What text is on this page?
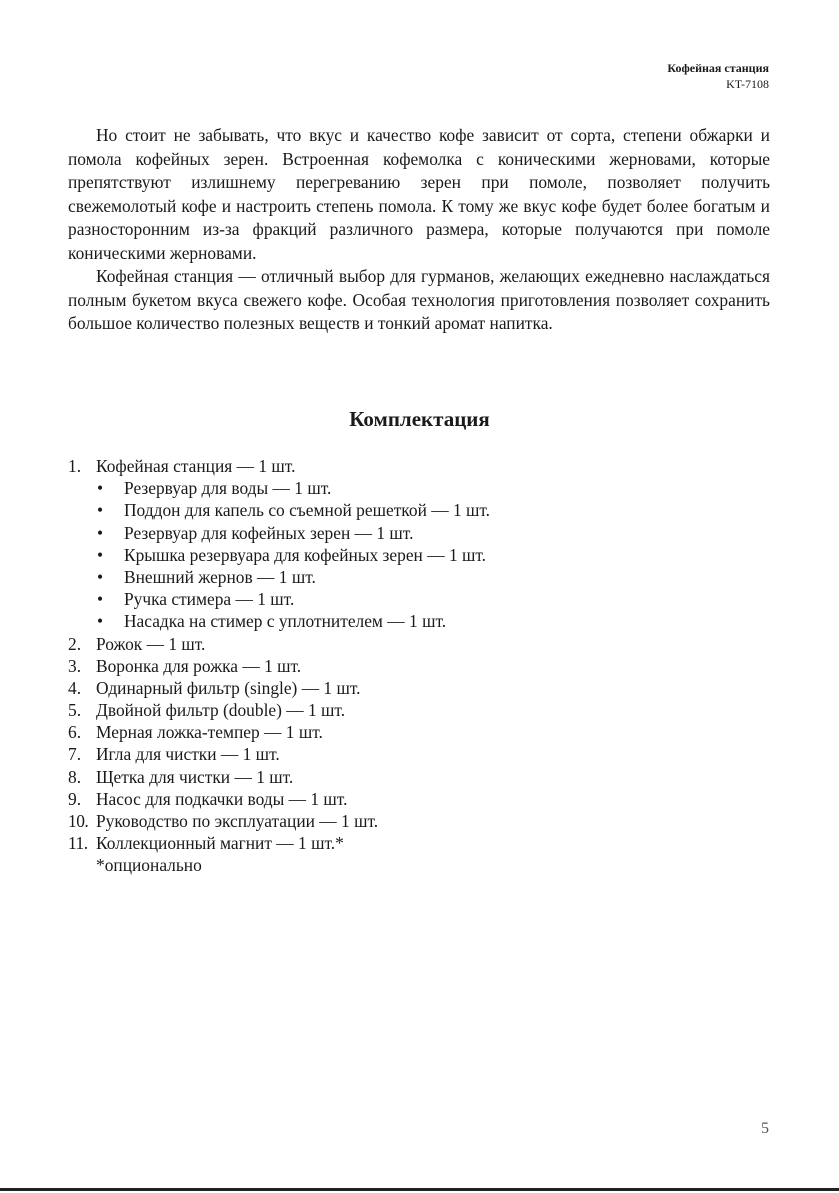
Кофейная станция
KT-7108

Но стоит не забывать, что вкус и качество кофе зависит от сорта, степени обжарки и помола кофейных зерен. Встроенная кофемолка с коническими жерновами, которые препятствуют излишнему перегреванию зерен при помоле, позволяет получить свежемолотый кофе и настроить степень помола. К тому же вкус кофе будет более богатым и разносторонним из-за фракций различного размера, которые получаются при помоле коническими жерновами.

Кофейная станция — отличный выбор для гурманов, желающих ежедневно наслаждаться полным букетом вкуса свежего кофе. Особая технология приготовления позволяет сохранить большое количество полезных веществ и тонкий аромат напитка.

Комплектация
1. Кофейная станция — 1 шт.
• Резервуар для воды — 1 шт.
• Поддон для капель со съемной решеткой — 1 шт.
• Резервуар для кофейных зерен — 1 шт.
• Крышка резервуара для кофейных зерен — 1 шт.
• Внешний жернов — 1 шт.
• Ручка стимера — 1 шт.
• Насадка на стимер с уплотнителем — 1 шт.
2. Рожок — 1 шт.
3. Воронка для рожка — 1 шт.
4. Одинарный фильтр (single) — 1 шт.
5. Двойной фильтр (double) — 1 шт.
6. Мерная ложка-темпер — 1 шт.
7. Игла для чистки — 1 шт.
8. Щетка для чистки — 1 шт.
9. Насос для подкачки воды — 1 шт.
10. Руководство по эксплуатации — 1 шт.
11. Коллекционный магнит — 1 шт.*
*опционально
5
